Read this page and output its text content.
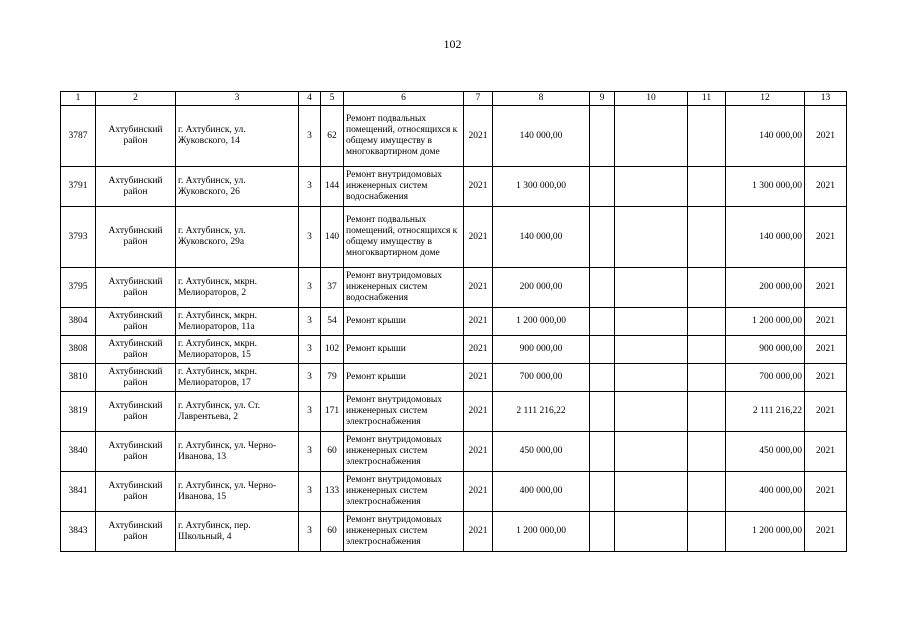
102
1	2	3	4	5	6	7	8	9	10	11	12	13
3787	Ахтубинский район	г. Ахтубинск, ул. Жуковского, 14	3	62	Ремонт подвальных помещений, относящихся к общему имуществу в многоквартирном доме	2021	140 000,00				140 000,00	2021
3791	Ахтубинский район	г. Ахтубинск, ул. Жуковского, 26	3	144	Ремонт внутридомовых инженерных систем водоснабжения	2021	1 300 000,00				1 300 000,00	2021
3793	Ахтубинский район	г. Ахтубинск, ул. Жуковского, 29а	3	140	Ремонт подвальных помещений, относящихся к общему имуществу в многоквартирном доме	2021	140 000,00				140 000,00	2021
3795	Ахтубинский район	г. Ахтубинск, мкрн. Мелиораторов, 2	3	37	Ремонт внутридомовых инженерных систем водоснабжения	2021	200 000,00				200 000,00	2021
3804	Ахтубинский район	г. Ахтубинск, мкрн. Мелиораторов, 11а	3	54	Ремонт крыши	2021	1 200 000,00				1 200 000,00	2021
3808	Ахтубинский район	г. Ахтубинск, мкрн. Мелиораторов, 15	3	102	Ремонт крыши	2021	900 000,00				900 000,00	2021
3810	Ахтубинский район	г. Ахтубинск, мкрн. Мелиораторов, 17	3	79	Ремонт крыши	2021	700 000,00				700 000,00	2021
3819	Ахтубинский район	г. Ахтубинск, ул. Ст. Лаврентьева, 2	3	171	Ремонт внутридомовых инженерных систем электроснабжения	2021	2 111 216,22				2 111 216,22	2021
3840	Ахтубинский район	г. Ахтубинск, ул. Черно-Иванова, 13	3	60	Ремонт внутридомовых инженерных систем электроснабжения	2021	450 000,00				450 000,00	2021
3841	Ахтубинский район	г. Ахтубинск, ул. Черно-Иванова, 15	3	133	Ремонт внутридомовых инженерных систем электроснабжения	2021	400 000,00				400 000,00	2021
3843	Ахтубинский район	г. Ахтубинск, пер. Школьный, 4	3	60	Ремонт внутридомовых инженерных систем электроснабжения	2021	1 200 000,00				1 200 000,00	2021
